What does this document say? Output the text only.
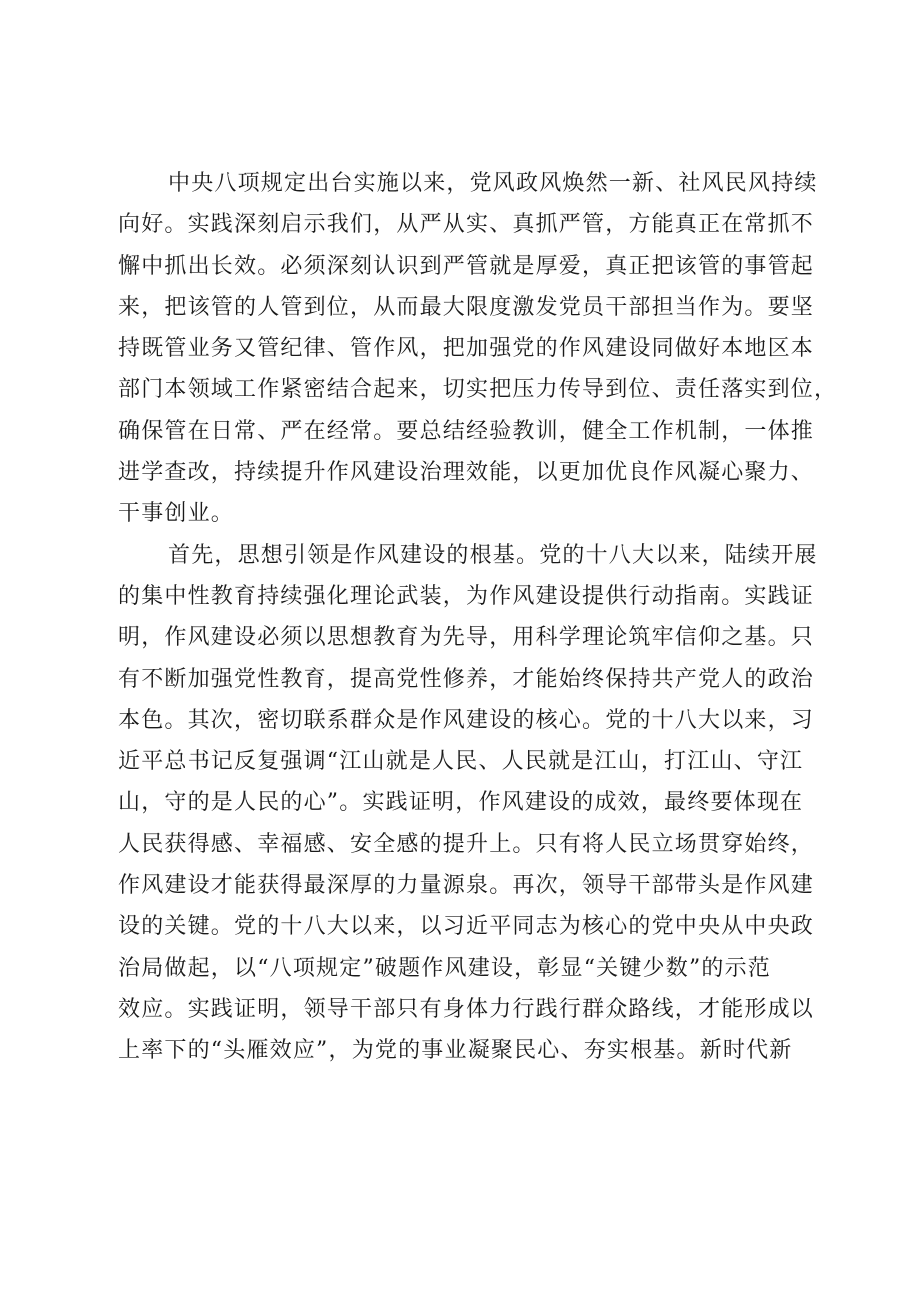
中央八项规定出台实施以来，党风政风焕然一新、社风民风持续
向好。实践深刻启示我们，从严从实、真抓严管，方能真正在常抓不
懈中抓出长效。必须深刻认识到严管就是厚爱，真正把该管的事管起
来，把该管的人管到位，从而最大限度激发党员干部担当作为。要坚
持既管业务又管纪律、管作风，把加强党的作风建设同做好本地区本
部门本领域工作紧密结合起来，切实把压力传导到位、责任落实到位，
确保管在日常、严在经常。要总结经验教训，健全工作机制，一体推
进学查改，持续提升作风建设治理效能，以更加优良作风凝心聚力、
干事创业。

首先，思想引领是作风建设的根基。党的十八大以来，陆续开展
的集中性教育持续强化理论武装，为作风建设提供行动指南。实践证
明，作风建设必须以思想教育为先导，用科学理论筑牢信仰之基。只
有不断加强党性教育，提高党性修养，才能始终保持共产党人的政治
本色。其次，密切联系群众是作风建设的核心。党的十八大以来，习
近平总书记反复强调“江山就是人民、人民就是江山，打江山、守江
山，守的是人民的心”。实践证明，作风建设的成效，最终要体现在
人民获得感、幸福感、安全感的提升上。只有将人民立场贯穿始终，
作风建设才能获得最深厚的力量源泉。再次，领导干部带头是作风建
设的关键。党的十八大以来，以习近平同志为核心的党中央从中央政
治局做起，以“八项规定”破题作风建设，彰显“关键少数”的示范
效应。实践证明，领导干部只有身体力行践行群众路线，才能形成以
上率下的“头雁效应”，为党的事业凝聚民心、夯实根基。新时代新
